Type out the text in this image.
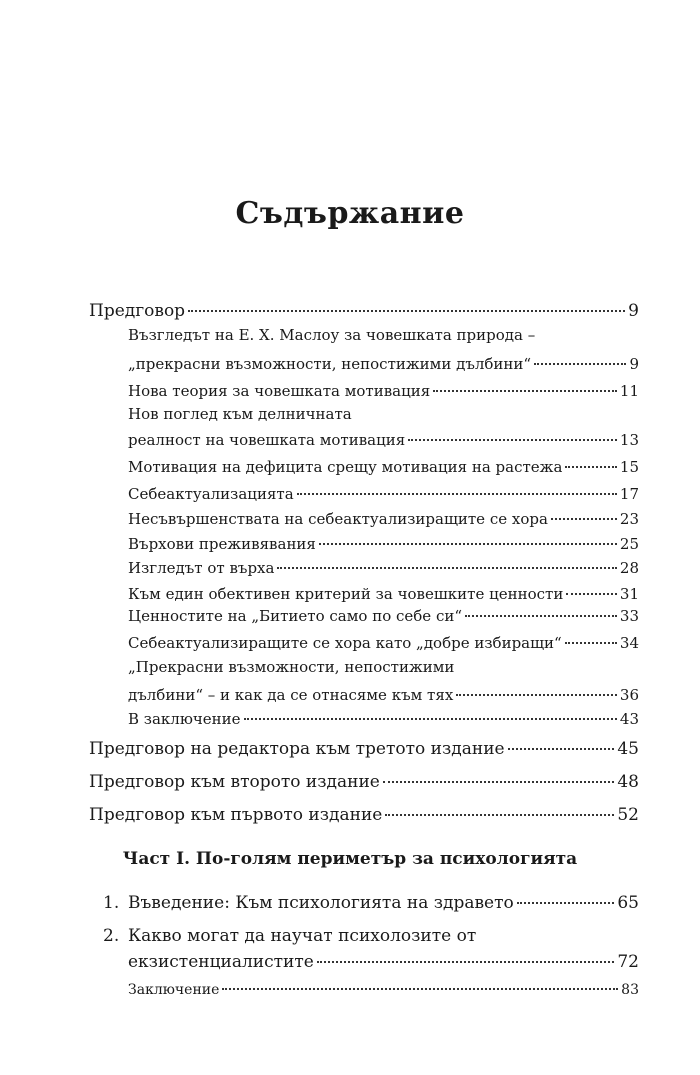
Съдържание
Предговор	9
Възгледът на Е. Х. Маслоу за човешката природа –
„прекрасни възможности, непостижими дълбини“	9
Нова теория за човешката мотивация	11
Нов поглед към делничната
реалност на човешката мотивация	13
Мотивация на дефицита срещу мотивация на растежа	15
Себеактуализацията	17
Несъвършенствата на себеактуализиращите се хора	23
Върхови преживявания	25
Изгледът от върха	28
Към един обективен критерий за човешките ценности	31
Ценностите на „Битието само по себе си“	33
Себеактуализиращите се хора като „добре избиращи“	34
„Прекрасни възможности, непостижими
дълбини“ – и как да се отнасяме към тях	36
В заключение	43
Предговор на редактора към третото издание	45
Предговор към второто издание	48
Предговор към първото издание	52
Част I. По-голям периметър за психологията
1. Въведение: Към психологията на здравето	65
2. Какво могат да научат психолозите от
екзистенциалистите	72
Заключение	83
